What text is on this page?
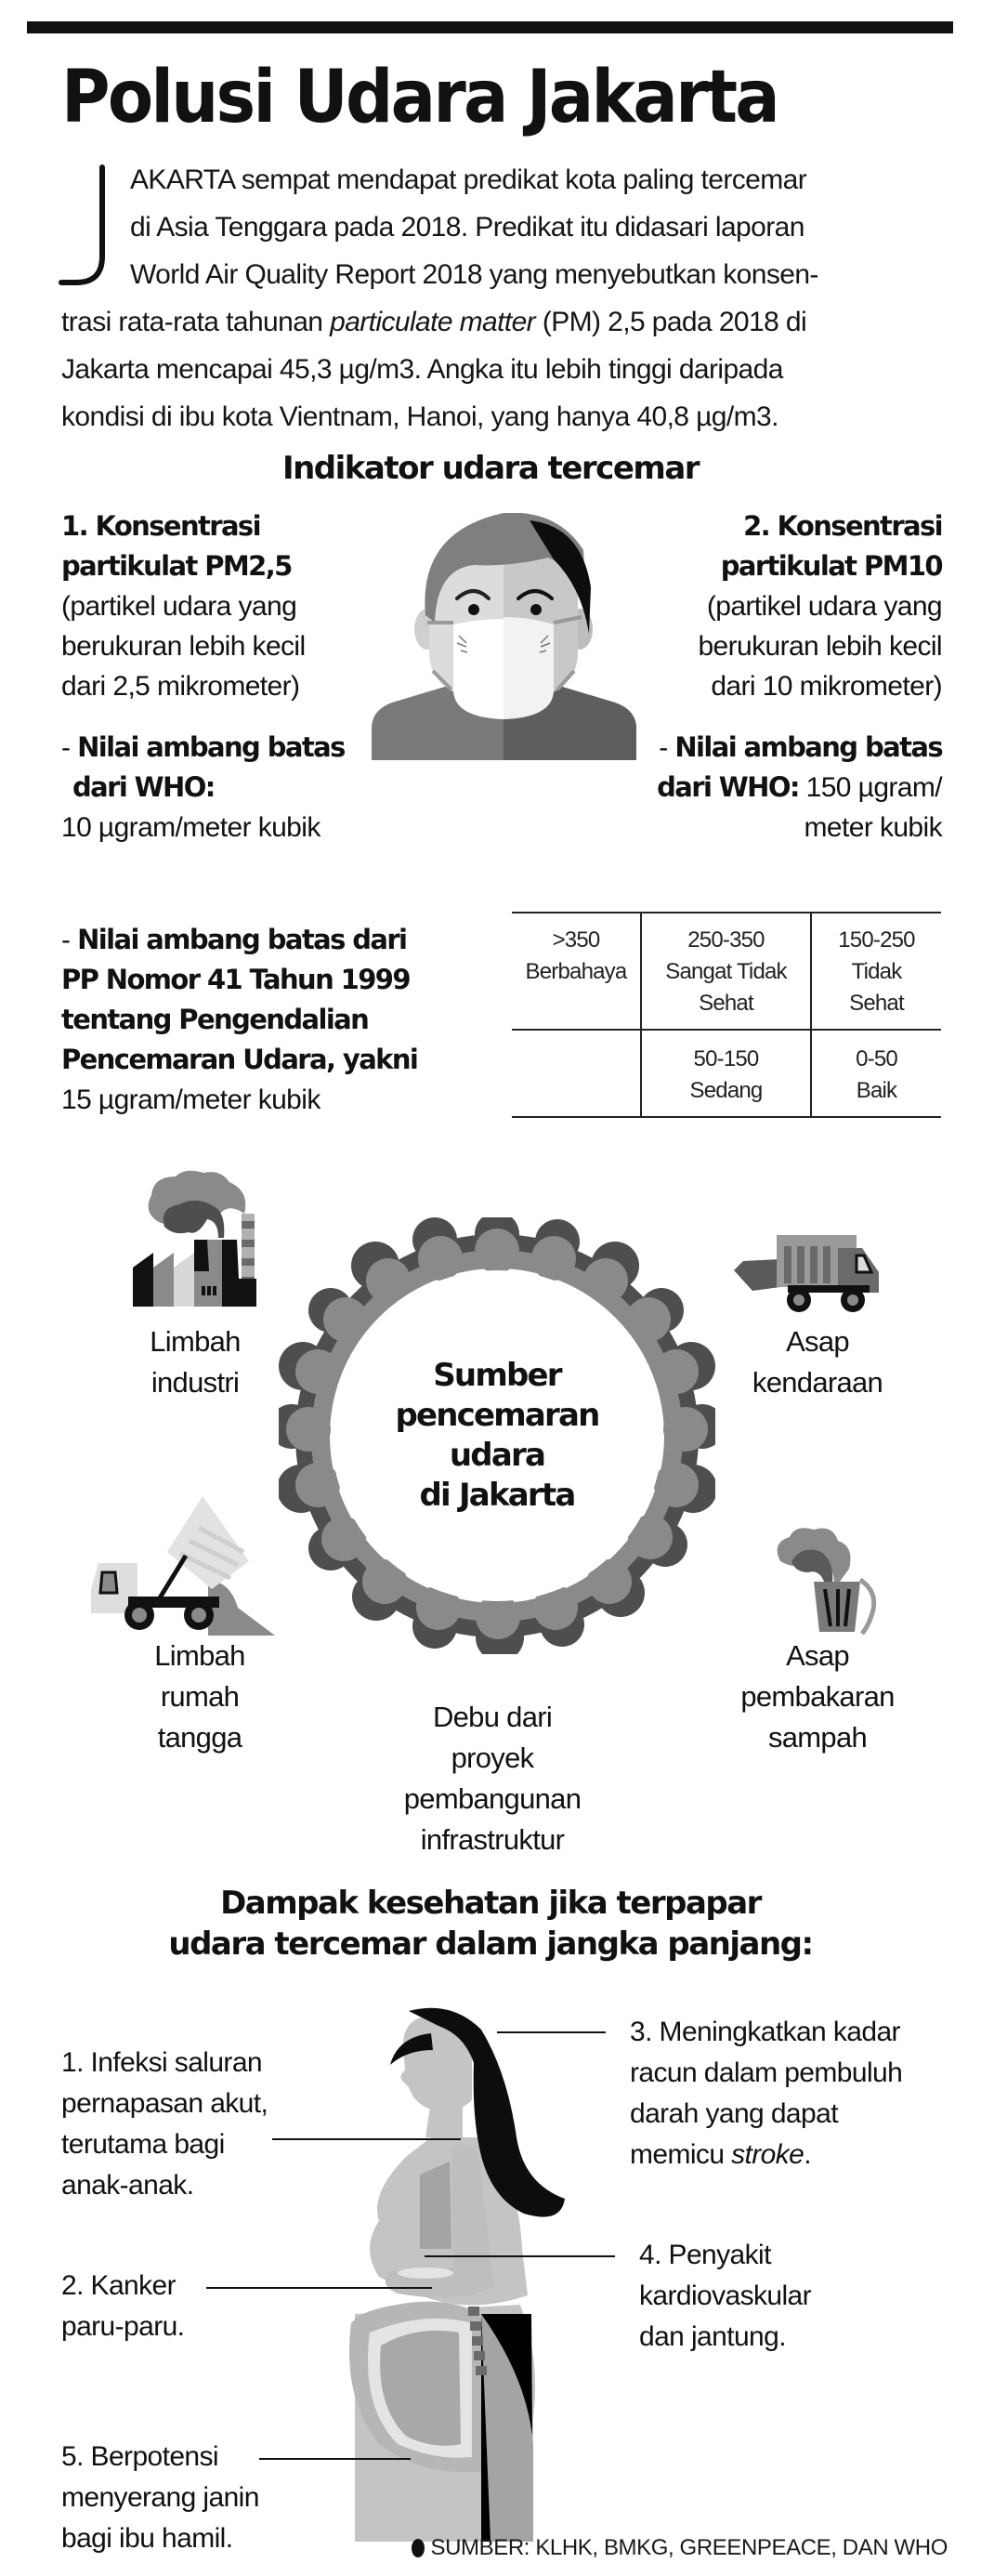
Polusi Udara Jakarta
AKARTA sempat mendapat predikat kota paling tercemar
di Asia Tenggara pada 2018. Predikat itu didasari laporan
World Air Quality Report 2018 yang menyebutkan konsen-
trasi rata-rata tahunan particulate matter (PM) 2,5 pada 2018 di
Jakarta mencapai 45,3 µg/m3. Angka itu lebih tinggi daripada
kondisi di ibu kota Vientnam, Hanoi, yang hanya 40,8 µg/m3.
Indikator udara tercemar
1. Konsentrasi
partikulat PM2,5
(partikel udara yang
berukuran lebih kecil
dari 2,5 mikrometer)
- Nilai ambang batas
dari WHO:
10 µgram/meter kubik
- Nilai ambang batas dari
PP Nomor 41 Tahun 1999
tentang Pengendalian
Pencemaran Udara, yakni
15 µgram/meter kubik
2. Konsentrasi
partikulat PM10
(partikel udara yang
berukuran lebih kecil
dari 10 mikrometer)
- Nilai ambang batas
dari WHO: 150 µgram/
meter kubik
>350
Berbahaya
250-350
Sangat Tidak
Sehat
150-250
Tidak
Sehat
50-150
Sedang
0-50
Baik
Sumber
pencemaran
udara
di Jakarta
Limbah
industri
Asap
kendaraan
Limbah
rumah
tangga
Asap
pembakaran
sampah
Debu dari
proyek
pembangunan
infrastruktur
Dampak kesehatan jika terpapar
udara tercemar dalam jangka panjang:
1. Infeksi saluran
pernapasan akut,
terutama bagi
anak-anak.
2. Kanker
paru-paru.
3. Meningkatkan kadar
racun dalam pembuluh
darah yang dapat
memicu stroke.
4. Penyakit
kardiovaskular
dan jantung.
5. Berpotensi
menyerang janin
bagi ibu hamil.	SUMBER: KLHK, BMKG, GREENPEACE, DAN WHO
